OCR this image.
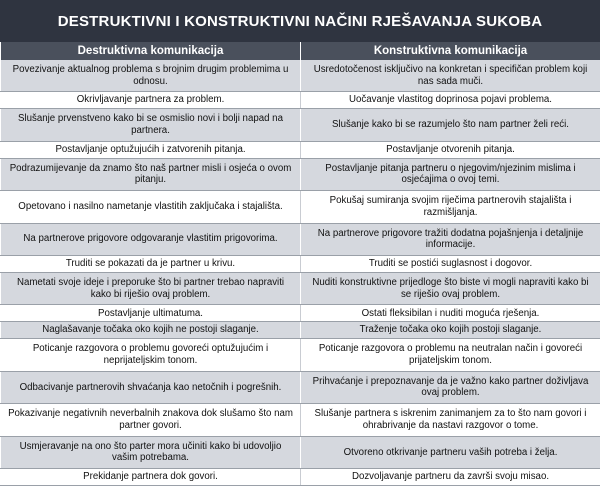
DESTRUKTIVNI I KONSTRUKTIVNI NAČINI RJEŠAVANJA SUKOBA
Destruktivna komunikacija	Konstruktivna komunikacija
Povezivanje aktualnog problema s brojnim drugim problemima u odnosu.	Usredotočenost isključivo na konkretan i specifičan problem koji nas sada muči.
Okrivljavanje partnera za problem.	Uočavanje vlastitog doprinosa pojavi problema.
Slušanje prvenstveno kako bi se osmislio novi i bolji napad na partnera.	Slušanje kako bi se razumjelo što nam partner želi reći.
Postavljanje optužujućih i zatvorenih pitanja.	Postavljanje otvorenih pitanja.
Podrazumijevanje da znamo što naš partner misli i osjeća o ovom pitanju.	Postavljanje pitanja partneru o njegovim/njezinim mislima i osjećajima o ovoj temi.
Opetovano i nasilno nametanje vlastitih zaključaka i stajališta.	Pokušaj sumiranja svojim riječima partnerovih stajališta i razmišljanja.
Na partnerove prigovore odgovaranje vlastitim prigovorima.	Na partnerove prigovore tražiti dodatna pojašnjenja i detaljnije informacije.
Truditi se pokazati da je partner u krivu.	Truditi se postići suglasnost i dogovor.
Nametati svoje ideje i preporuke što bi partner trebao napraviti kako bi riješio ovaj problem.	Nuditi konstruktivne prijedloge što biste vi mogli napraviti kako bi se riješio ovaj problem.
Postavljanje ultimatuma.	Ostati fleksibilan i nuditi moguća rješenja.
Naglašavanje točaka oko kojih ne postoji slaganje.	Traženje točaka oko kojih postoji slaganje.
Poticanje razgovora o problemu govoreći optužujućim i neprijateljskim tonom.	Poticanje razgovora o problemu na neutralan način i govoreći prijateljskim tonom.
Odbacivanje partnerovih shvaćanja kao netočnih i pogrešnih.	Prihvaćanje i prepoznavanje da je važno kako partner doživljava ovaj problem.
Pokazivanje negativnih neverbalnih znakova dok slušamo što nam partner govori.	Slušanje partnera s iskrenim zanimanjem za to što nam govori i ohrabrivanje da nastavi razgovor o tome.
Usmjeravanje na ono što parter mora učiniti kako bi udovoljio vašim potrebama.	Otvoreno otkrivanje partneru vaših potreba i želja.
Prekidanje partnera dok govori.	Dozvoljavanje partneru da završi svoju misao.
